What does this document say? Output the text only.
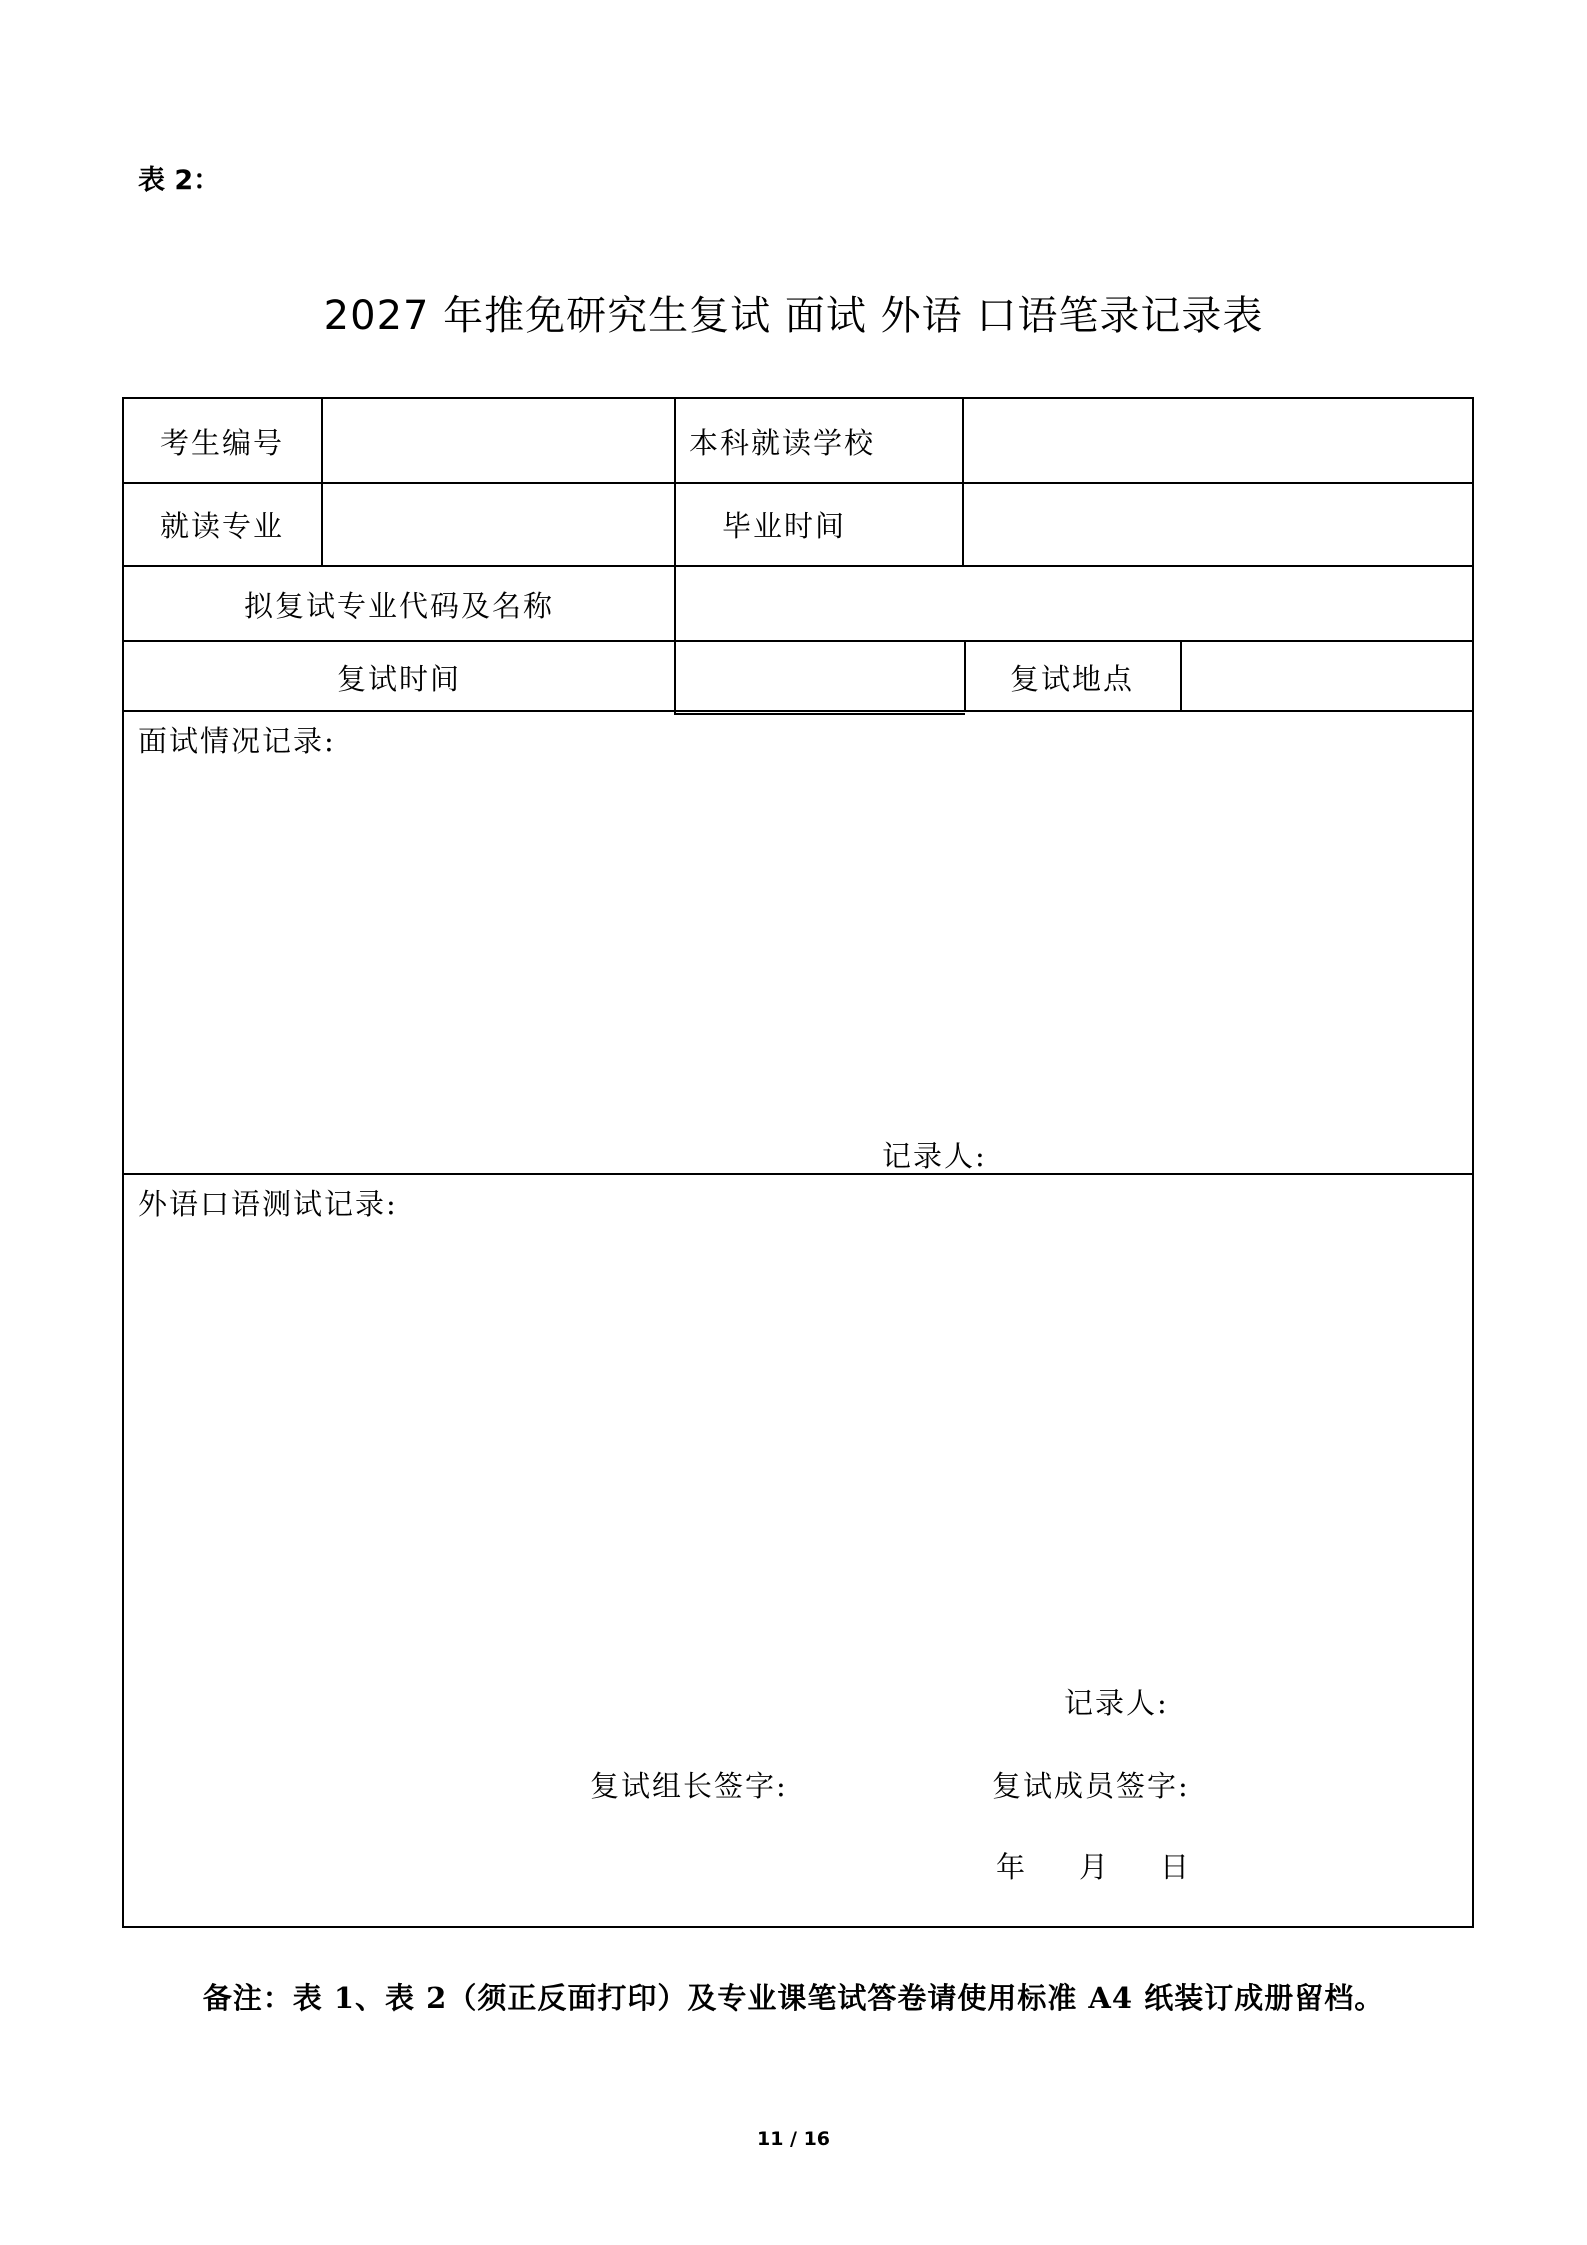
表 2：
2027 年推免研究生复试 面试 外语 口语笔录记录表
考生编号	本科就读学校
就读专业	毕业时间
拟复试专业代码及名称
复试时间	复试地点
面试情况记录:
记录人:
外语口语测试记录:
记录人:
复试组长签字:	复试成员签字:
年 月 日
备注：表 1、表 2（须正反面打印）及专业课笔试答卷请使用标准 A4 纸装订成册留档。
11 / 16
